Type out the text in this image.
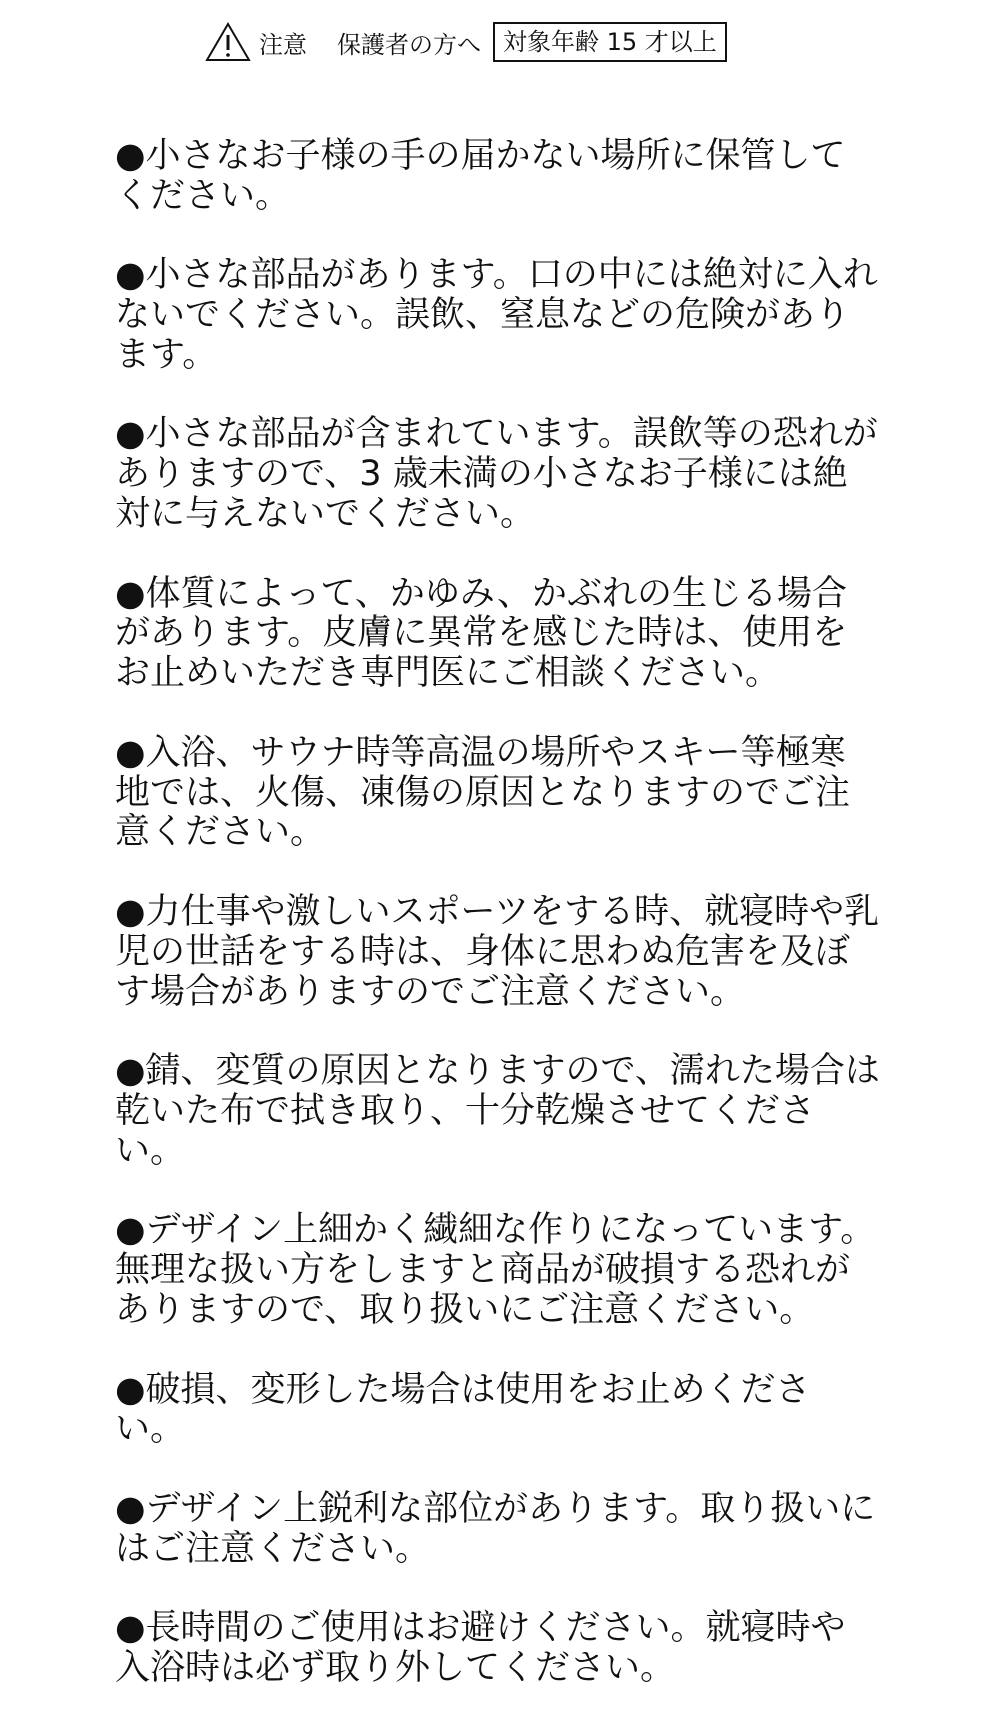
注意 保護者の方へ 対象年齢 15 才以上

●小さなお子様の手の届かない場所に保管してください。

●小さな部品があります。口の中には絶対に入れないでください。誤飲、窒息などの危険があります。

●小さな部品が含まれています。誤飲等の恐れがありますので、3 歳未満の小さなお子様には絶対に与えないでください。

●体質によって、かゆみ、かぶれの生じる場合があります。皮膚に異常を感じた時は、使用をお止めいただき専門医にご相談ください。

●入浴、サウナ時等高温の場所やスキー等極寒地では、火傷、凍傷の原因となりますのでご注意ください。

●力仕事や激しいスポーツをする時、就寝時や乳児の世話をする時は、身体に思わぬ危害を及ぼす場合がありますのでご注意ください。

●錆、変質の原因となりますので、濡れた場合は乾いた布で拭き取り、十分乾燥させてください。

●デザイン上細かく繊細な作りになっています。無理な扱い方をしますと商品が破損する恐れがありますので、取り扱いにご注意ください。

●破損、変形した場合は使用をお止めください。

●デザイン上鋭利な部位があります。取り扱いにはご注意ください。

●長時間のご使用はお避けください。就寝時や入浴時は必ず取り外してください。
